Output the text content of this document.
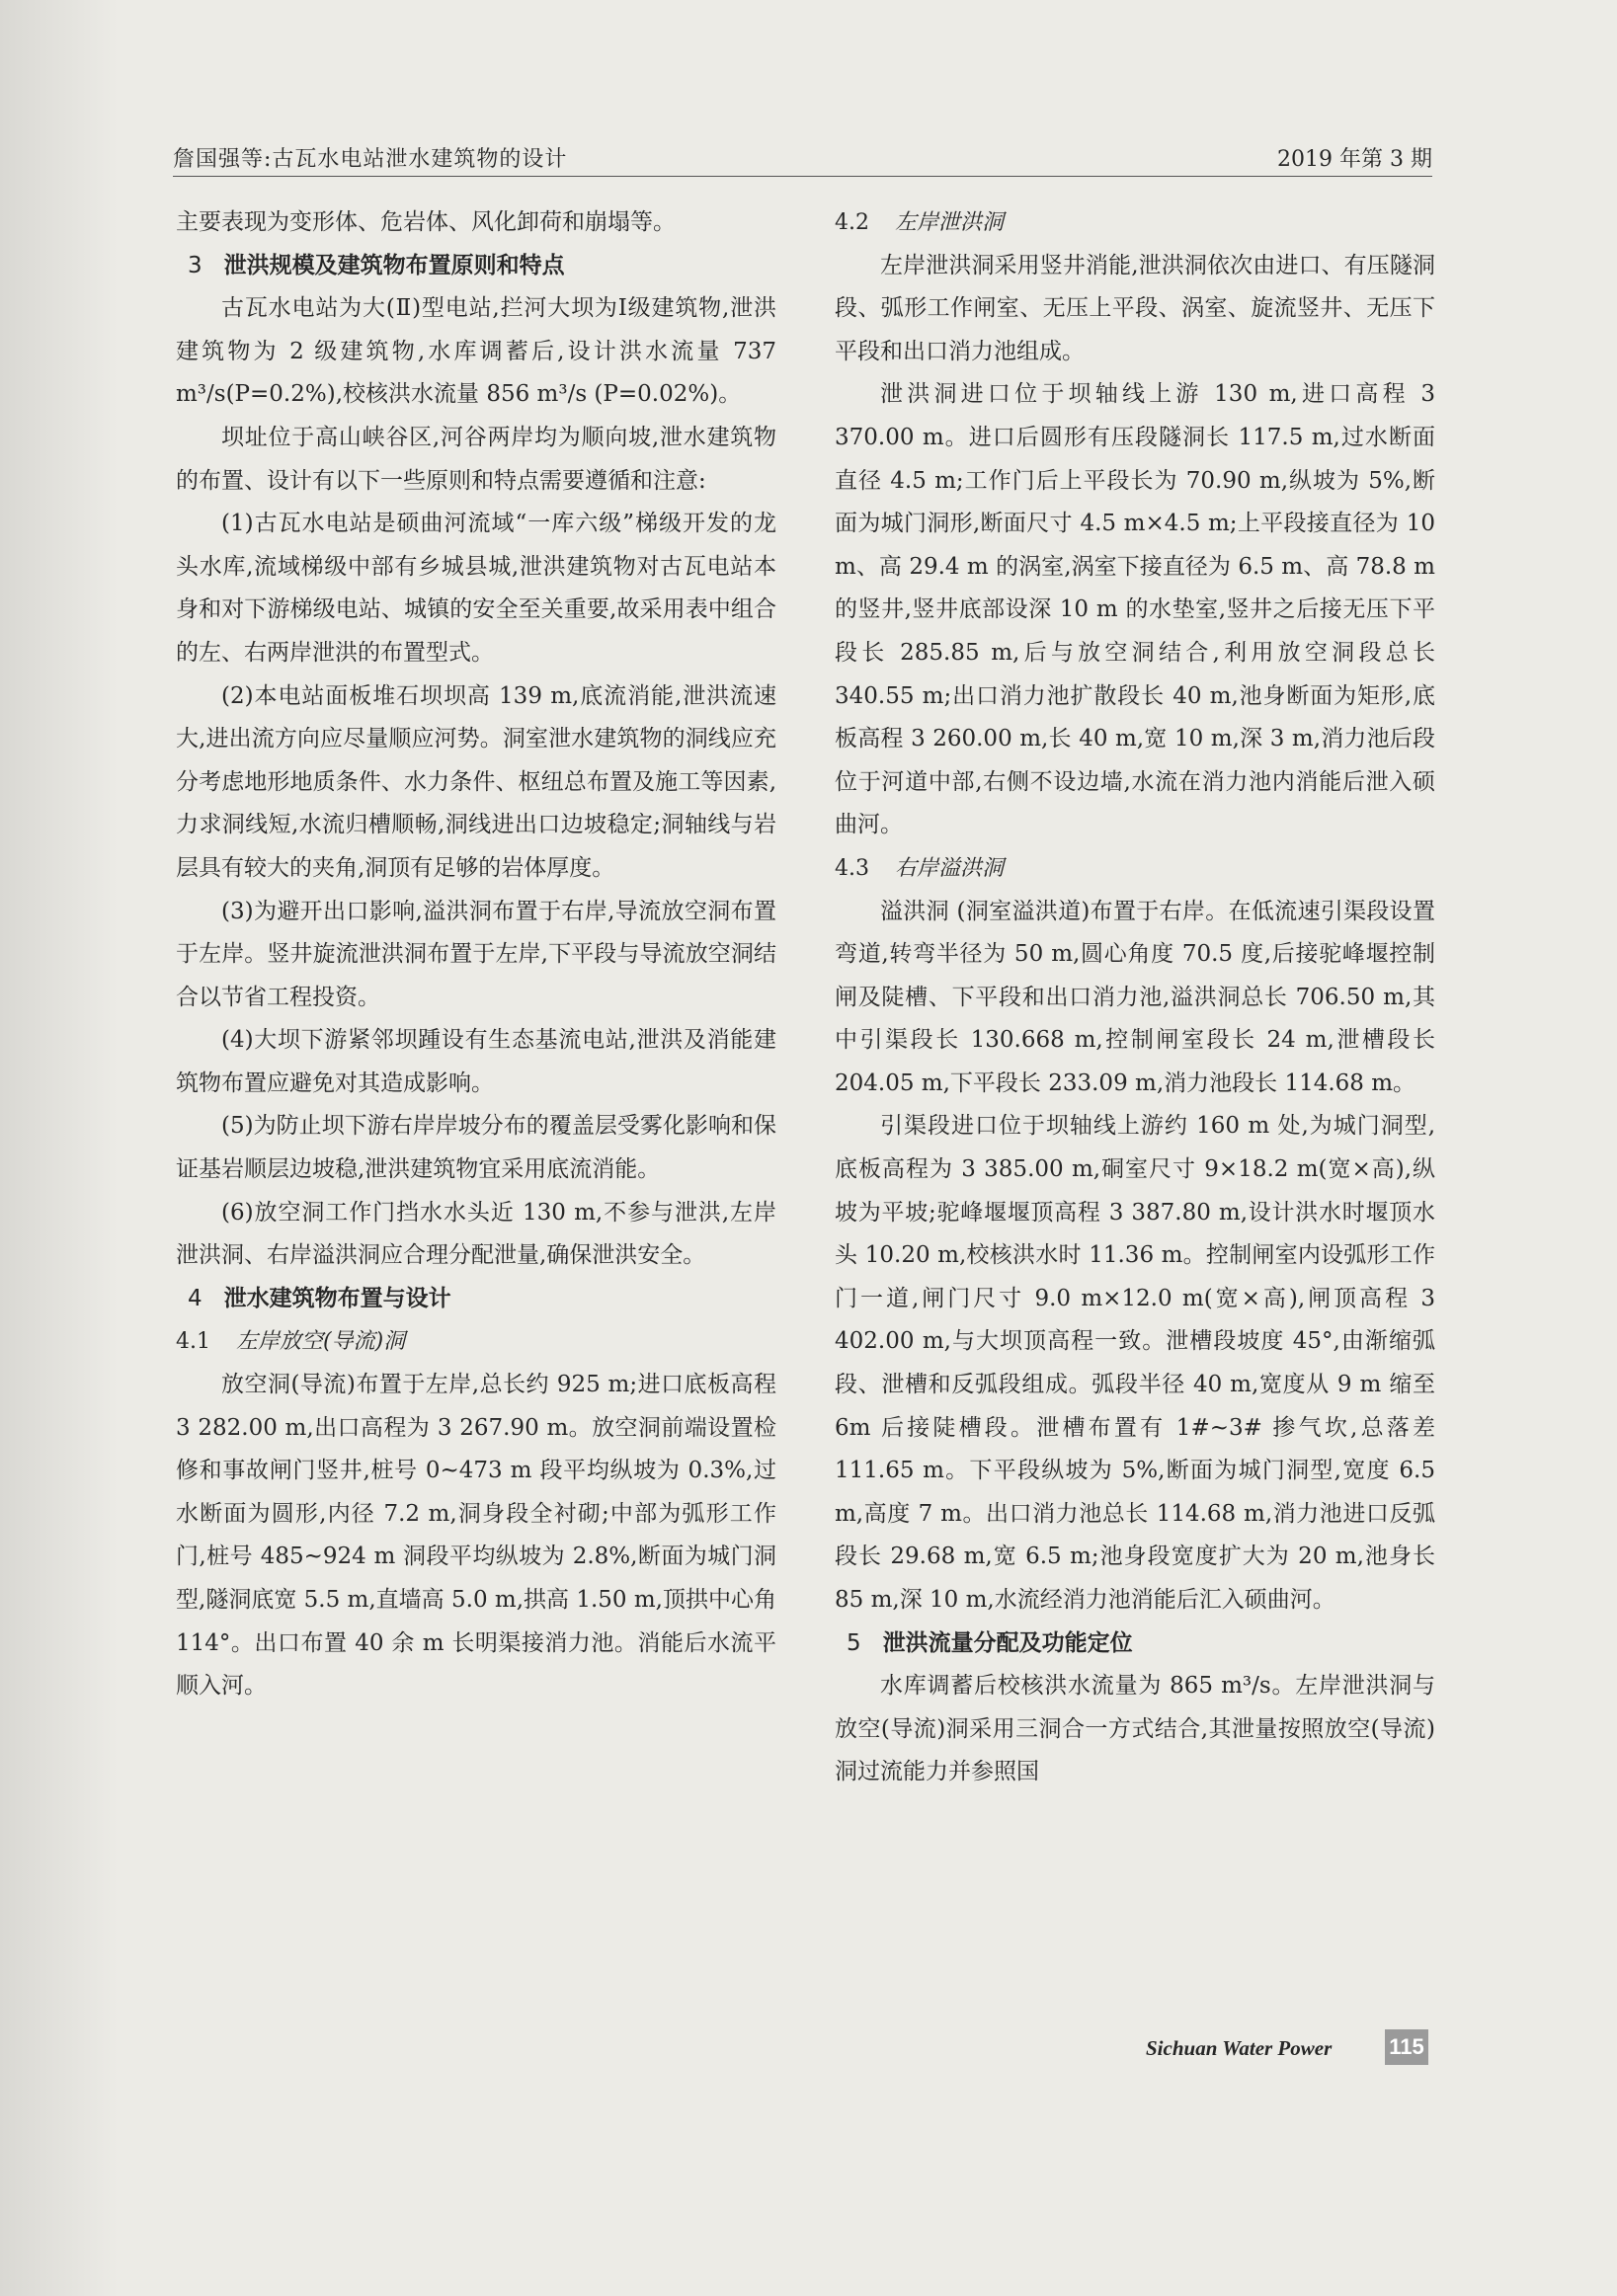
詹国强等:古瓦水电站泄水建筑物的设计	2019 年第 3 期

主要表现为变形体、危岩体、风化卸荷和崩塌等。

3 泄洪规模及建筑物布置原则和特点

古瓦水电站为大(Ⅱ)型电站,拦河大坝为Ⅰ级建筑物,泄洪建筑物为 2 级建筑物,水库调蓄后,设计洪水流量 737 m³/s(P=0.2%),校核洪水流量 856 m³/s (P=0.02%)。

坝址位于高山峡谷区,河谷两岸均为顺向坡,泄水建筑物的布置、设计有以下一些原则和特点需要遵循和注意:

(1)古瓦水电站是硕曲河流域“一库六级”梯级开发的龙头水库,流域梯级中部有乡城县城,泄洪建筑物对古瓦电站本身和对下游梯级电站、城镇的安全至关重要,故采用表中组合的左、右两岸泄洪的布置型式。

(2)本电站面板堆石坝坝高 139 m,底流消能,泄洪流速大,进出流方向应尽量顺应河势。洞室泄水建筑物的洞线应充分考虑地形地质条件、水力条件、枢纽总布置及施工等因素,力求洞线短,水流归槽顺畅,洞线进出口边坡稳定;洞轴线与岩层具有较大的夹角,洞顶有足够的岩体厚度。

(3)为避开出口影响,溢洪洞布置于右岸,导流放空洞布置于左岸。竖井旋流泄洪洞布置于左岸,下平段与导流放空洞结合以节省工程投资。

(4)大坝下游紧邻坝踵设有生态基流电站,泄洪及消能建筑物布置应避免对其造成影响。

(5)为防止坝下游右岸岸坡分布的覆盖层受雾化影响和保证基岩顺层边坡稳,泄洪建筑物宜采用底流消能。

(6)放空洞工作门挡水水头近 130 m,不参与泄洪,左岸泄洪洞、右岸溢洪洞应合理分配泄量,确保泄洪安全。

4 泄水建筑物布置与设计
4.1 左岸放空(导流)洞

放空洞(导流)布置于左岸,总长约 925 m;进口底板高程 3 282.00 m,出口高程为 3 267.90 m。放空洞前端设置检修和事故闸门竖井,桩号 0~473 m 段平均纵坡为 0.3%,过水断面为圆形,内径 7.2 m,洞身段全衬砌;中部为弧形工作门,桩号 485~924 m 洞段平均纵坡为 2.8%,断面为城门洞型,隧洞底宽 5.5 m,直墙高 5.0 m,拱高 1.50 m,顶拱中心角 114°。出口布置 40 余 m 长明渠接消力池。消能后水流平顺入河。

4.2 左岸泄洪洞

左岸泄洪洞采用竖井消能,泄洪洞依次由进口、有压隧洞段、弧形工作闸室、无压上平段、涡室、旋流竖井、无压下平段和出口消力池组成。

泄洪洞进口位于坝轴线上游 130 m,进口高程 3 370.00 m。进口后圆形有压段隧洞长 117.5 m,过水断面直径 4.5 m;工作门后上平段长为 70.90 m,纵坡为 5%,断面为城门洞形,断面尺寸 4.5 m×4.5 m;上平段接直径为 10 m、高 29.4 m 的涡室,涡室下接直径为 6.5 m、高 78.8 m 的竖井,竖井底部设深 10 m 的水垫室,竖井之后接无压下平段长 285.85 m,后与放空洞结合,利用放空洞段总长 340.55 m;出口消力池扩散段长 40 m,池身断面为矩形,底板高程 3 260.00 m,长 40 m,宽 10 m,深 3 m,消力池后段位于河道中部,右侧不设边墙,水流在消力池内消能后泄入硕曲河。

4.3 右岸溢洪洞

溢洪洞 (洞室溢洪道)布置于右岸。在低流速引渠段设置弯道,转弯半径为 50 m,圆心角度 70.5 度,后接驼峰堰控制闸及陡槽、下平段和出口消力池,溢洪洞总长 706.50 m,其中引渠段长 130.668 m,控制闸室段长 24 m,泄槽段长 204.05 m,下平段长 233.09 m,消力池段长 114.68 m。

引渠段进口位于坝轴线上游约 160 m 处,为城门洞型,底板高程为 3 385.00 m,硐室尺寸 9×18.2 m(宽×高),纵坡为平坡;驼峰堰堰顶高程 3 387.80 m,设计洪水时堰顶水头 10.20 m,校核洪水时 11.36 m。控制闸室内设弧形工作门一道,闸门尺寸 9.0 m×12.0 m(宽×高),闸顶高程 3 402.00 m,与大坝顶高程一致。泄槽段坡度 45°,由渐缩弧段、泄槽和反弧段组成。弧段半径 40 m,宽度从 9 m 缩至 6m 后接陡槽段。泄槽布置有 1#~3# 掺气坎,总落差 111.65 m。下平段纵坡为 5%,断面为城门洞型,宽度 6.5 m,高度 7 m。出口消力池总长 114.68 m,消力池进口反弧段长 29.68 m,宽 6.5 m;池身段宽度扩大为 20 m,池身长 85 m,深 10 m,水流经消力池消能后汇入硕曲河。

5 泄洪流量分配及功能定位

水库调蓄后校核洪水流量为 865 m³/s。左岸泄洪洞与放空(导流)洞采用三洞合一方式结合,其泄量按照放空(导流)洞过流能力并参照国

Sichuan Water Power	115
